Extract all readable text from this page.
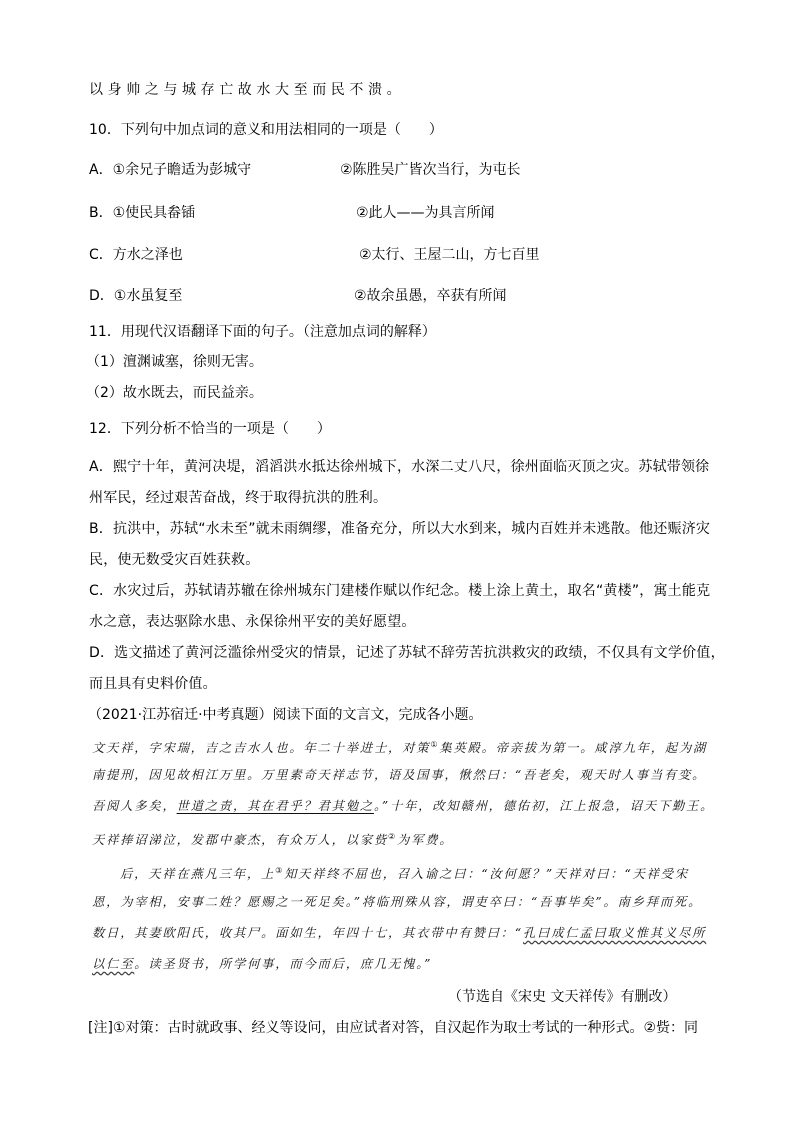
以身帅之与城存亡故水大至而民不溃。
10．下列句中加点词的意义和用法相同的一项是（　　）
A．①余兄子瞻适为彭城守	②陈胜吴广皆次当行，为屯长
B．①使民具畚锸	②此人——为具言所闻
C．方水之泽也	②太行、王屋二山，方七百里
D．①水虽复至	②故余虽愚，卒获有所闻
11．用现代汉语翻译下面的句子。（注意加点词的解释）
（1）澶渊诚塞，徐则无害。
（2）故水既去，而民益亲。
12．下列分析不恰当的一项是（　　）
A．熙宁十年，黄河决堤，滔滔洪水抵达徐州城下，水深二丈八尺，徐州面临灭顶之灾。苏轼带领徐
州军民，经过艰苦奋战，终于取得抗洪的胜利。
B．抗洪中，苏轼“水未至”就未雨绸缪，准备充分，所以大水到来，城内百姓并未逃散。他还赈济灾
民，使无数受灾百姓获救。
C．水灾过后，苏轼请苏辙在徐州城东门建楼作赋以作纪念。楼上涂上黄土，取名“黄楼”，寓土能克
水之意，表达驱除水患、永保徐州平安的美好愿望。
D．选文描述了黄河泛滥徐州受灾的情景，记述了苏轼不辞劳苦抗洪救灾的政绩，不仅具有文学价值，
而且具有史料价值。
（2021·江苏宿迁·中考真题）阅读下面的文言文，完成各小题。
文天祥，字宋瑞，吉之吉水人也。年二十举进士，对策①集英殿。帝亲拔为第一。咸淳九年，起为湖
南提刑，因见故相江万里。万里素奇天祥志节，语及国事，愀然曰：“吾老矣，观天时人事当有变。
吾阅人多矣，世道之责，其在君乎？君其勉之。”十年，改知赣州，德佑初，江上报急，诏天下勤王。
天祥捧诏涕泣，发郡中豪杰，有众万人，以家赀②为军费。
后，天祥在燕凡三年，上③知天祥终不屈也，召入谕之曰：“汝何愿？”天祥对曰：“天祥受宋
恩，为宰相，安事二姓？愿赐之一死足矣。”将临刑殊从容，谓吏卒曰：“吾事毕矣”。南乡拜而死。
数日，其妻欧阳氏，收其尸。面如生，年四十七，其衣带中有赞曰：“孔曰成仁孟曰取义惟其义尽所
以仁至。读圣贤书，所学何事，而今而后，庶几无愧。”
（节选自《宋史 文天祥传》有删改）
[注]①对策：古时就政事、经义等设问，由应试者对答，自汉起作为取士考试的一种形式。②赀：同
